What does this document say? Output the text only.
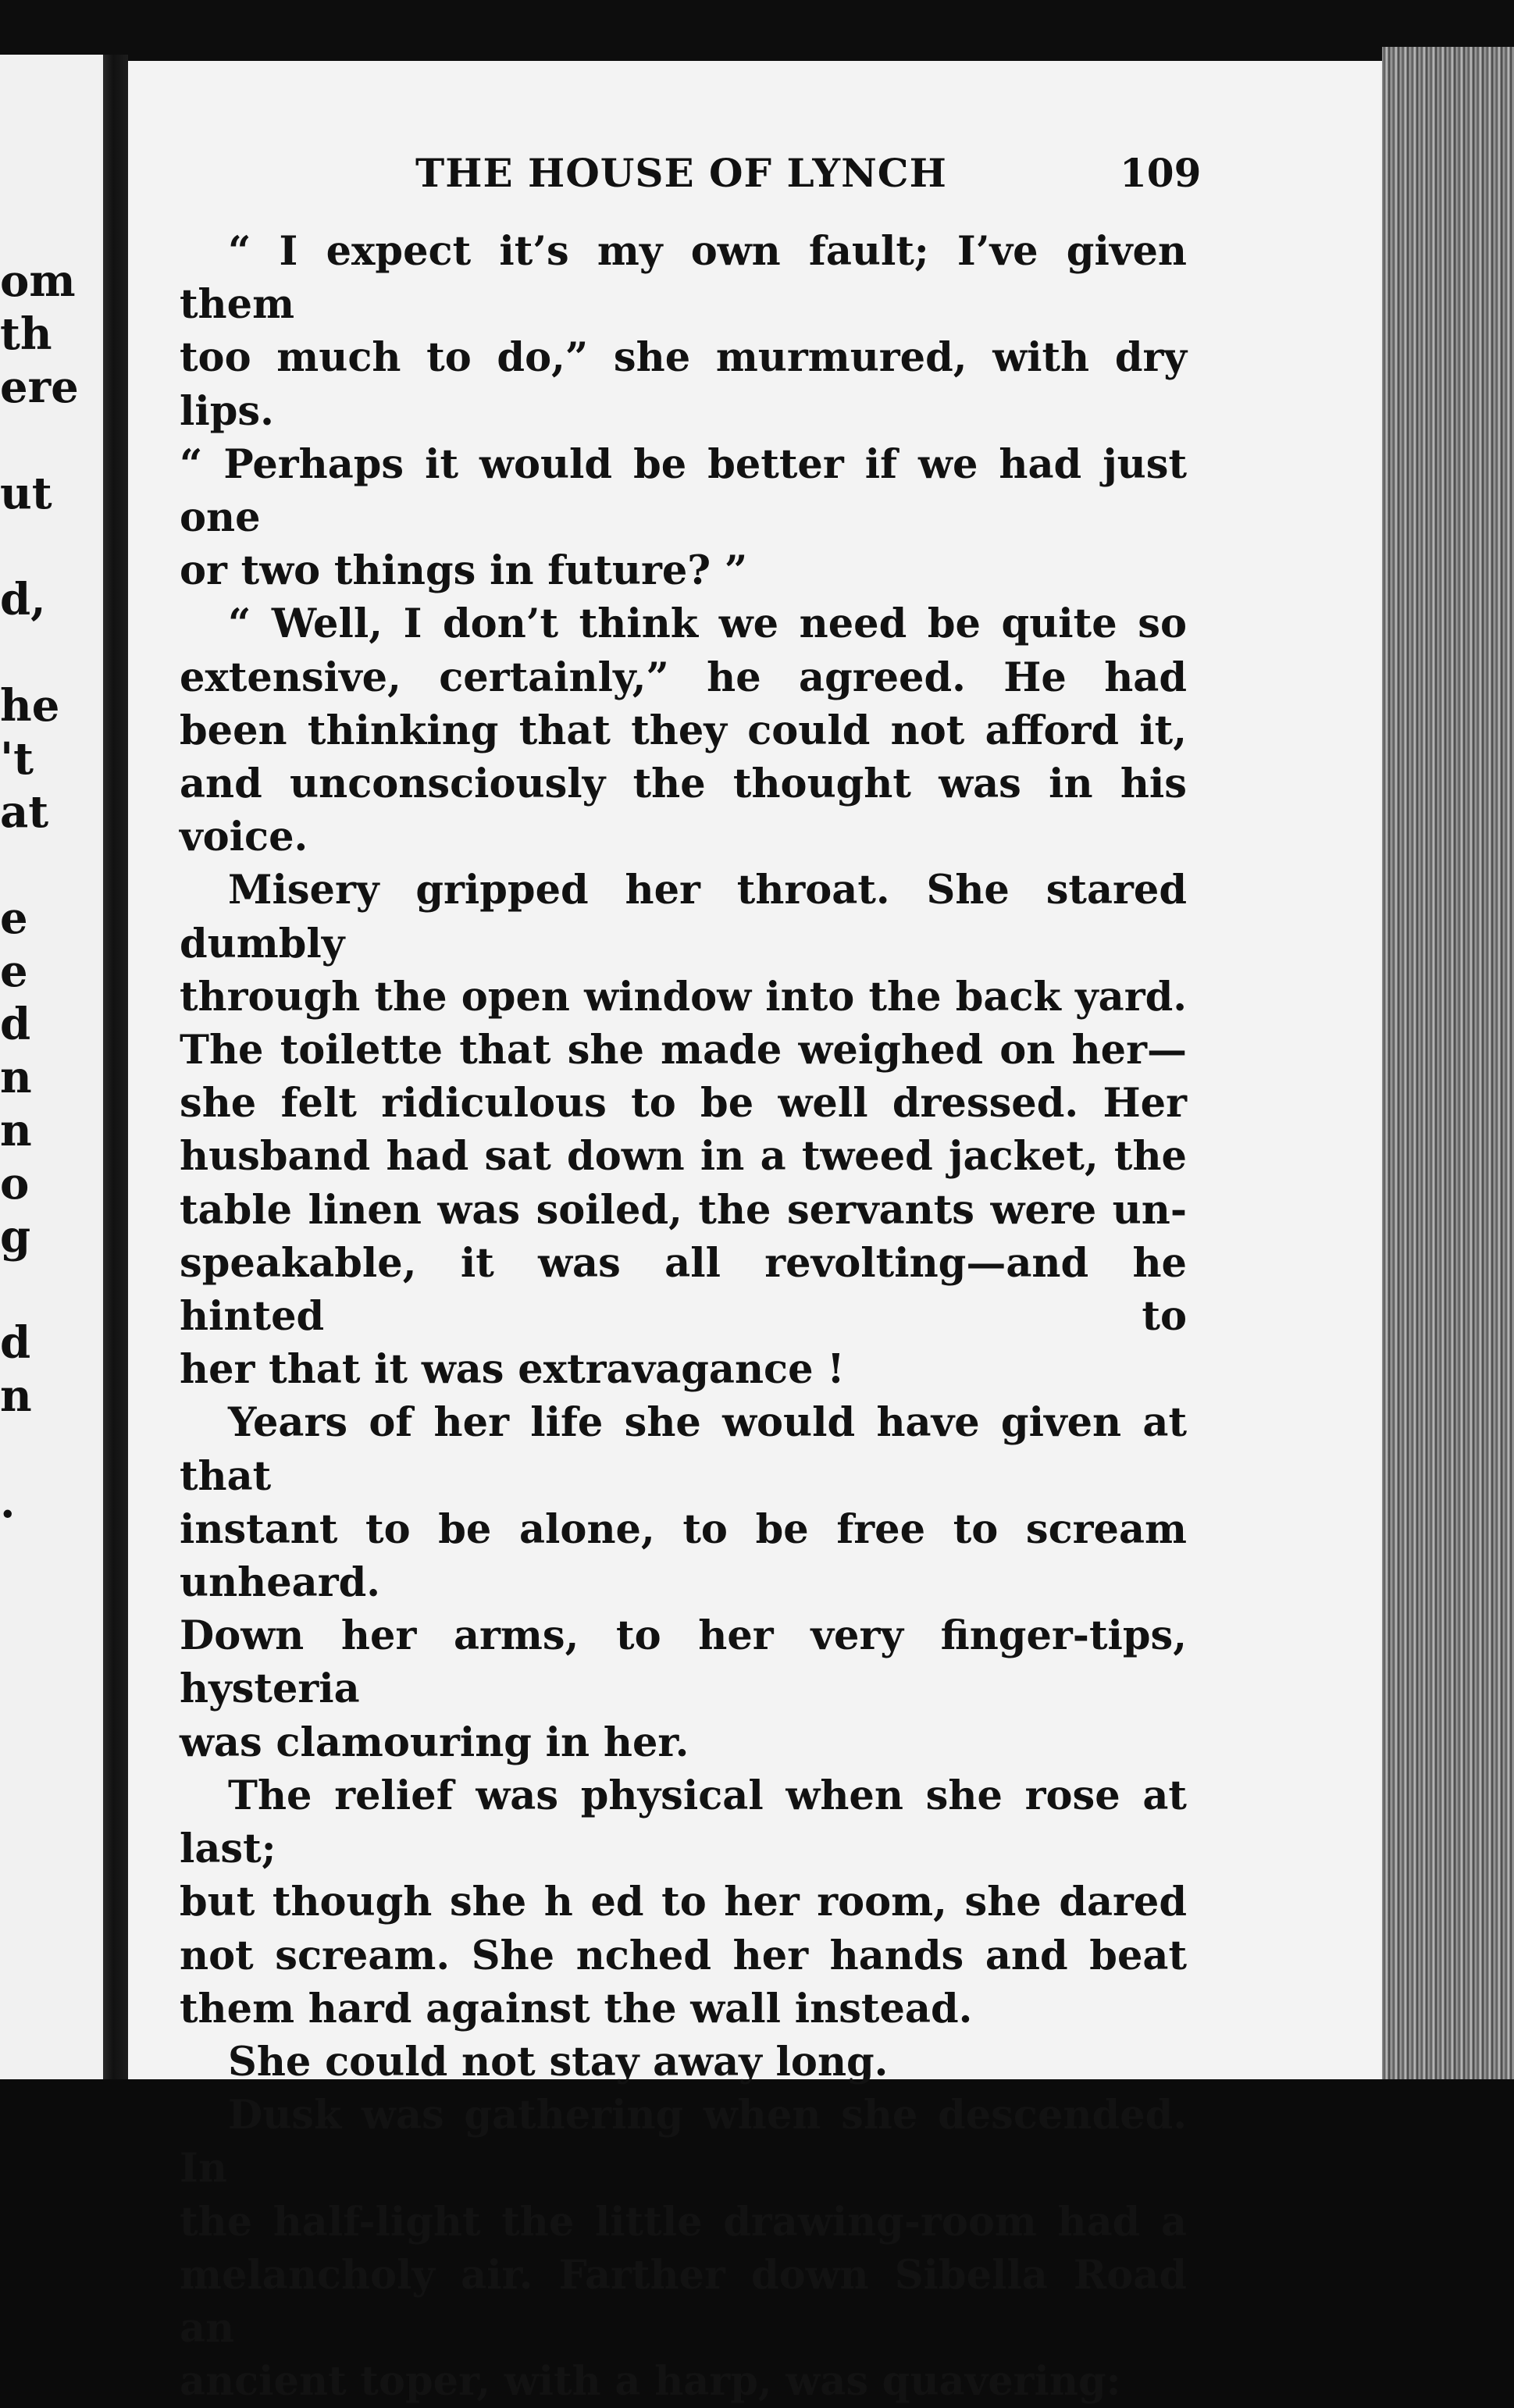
om
th
ere
ut
d,
he
't
at
e
e
d
n
n
o
g
d
n
.
THE HOUSE OF LYNCH	109

“ I expect it’s my own fault; I’ve given them

too much to do,” she murmured, with dry lips.

“ Perhaps it would be better if we had just one

or two things in future? ”

“ Well, I don’t think we need be quite so

extensive, certainly,” he agreed. He had

been thinking that they could not afford it,

and unconsciously the thought was in his

voice.

Misery gripped her throat. She stared dumbly

through the open window into the back yard.

The toilette that she made weighed on her—

she felt ridiculous to be well dressed. Her

husband had sat down in a tweed jacket, the

table linen was soiled, the servants were un-

speakable, it was all revolting—and he hinted to

her that it was extravagance !

Years of her life she would have given at that

instant to be alone, to be free to scream unheard.

Down her arms, to her very finger-tips, hysteria

was clamouring in her.

The relief was physical when she rose at last;

but though she h ed to her room, she dared

not scream. She nched her hands and beat

them hard against the wall instead.

She could not stay away long.

Dusk was gathering when she descended. In

the half-light the little drawing-room had a

melancholy air. Farther down Sibella Road an

ancient toper, with a harp, was quavering:
